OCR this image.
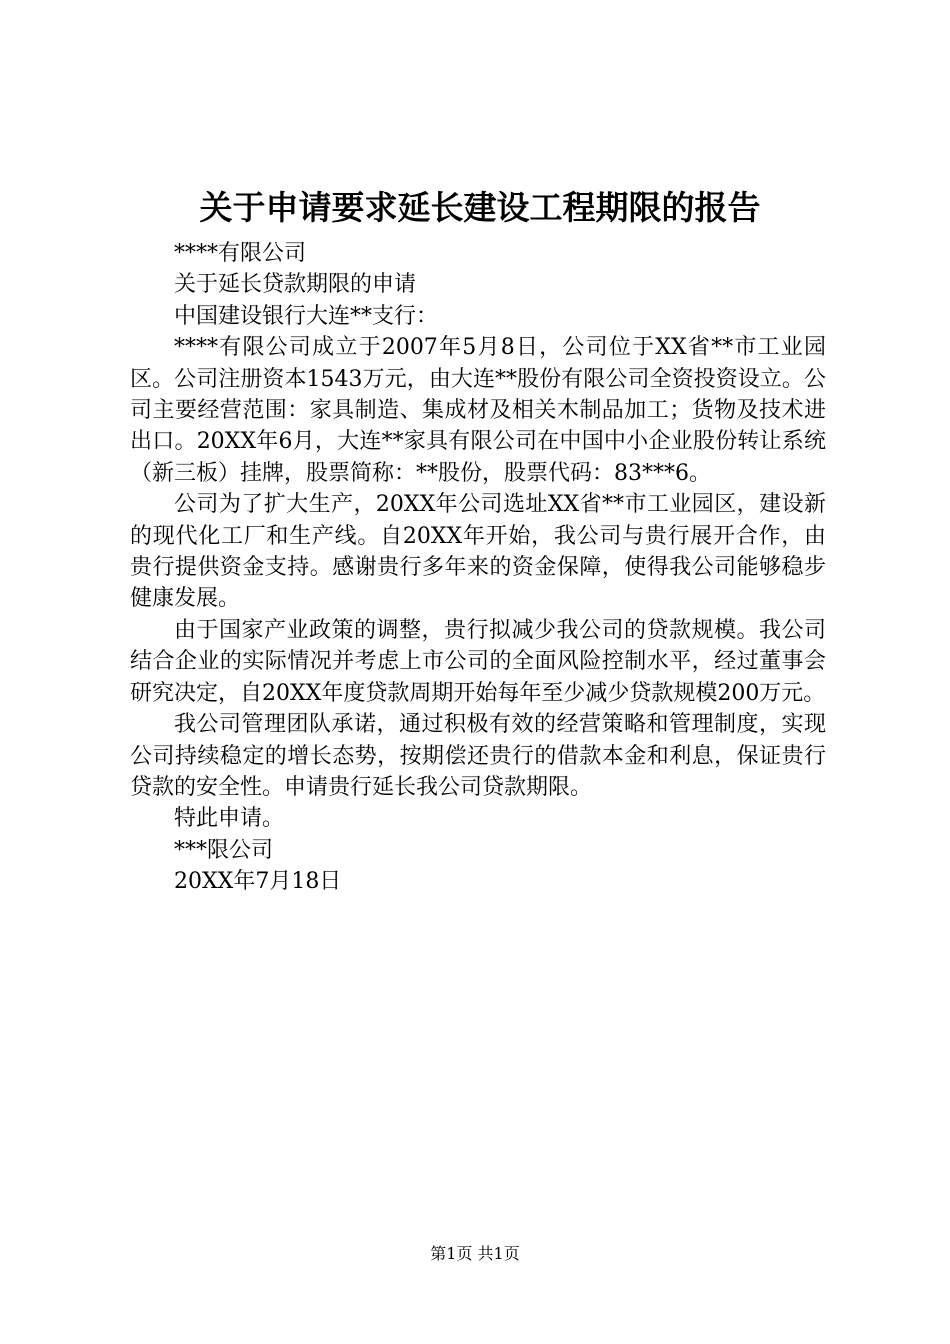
关于申请要求延长建设工程期限的报告

****有限公司

关于延长贷款期限的申请

中国建设银行大连**支行：

****有限公司成立于2007年5月8日，公司位于XX省**市工业园区。公司注册资本1543万元，由大连**股份有限公司全资投资设立。公司主要经营范围：家具制造、集成材及相关木制品加工；货物及技术进出口。20XX年6月，大连**家具有限公司在中国中小企业股份转让系统（新三板）挂牌，股票简称：**股份，股票代码：83***6。

公司为了扩大生产，20XX年公司选址XX省**市工业园区，建设新的现代化工厂和生产线。自20XX年开始，我公司与贵行展开合作，由贵行提供资金支持。感谢贵行多年来的资金保障，使得我公司能够稳步健康发展。

由于国家产业政策的调整，贵行拟减少我公司的贷款规模。我公司结合企业的实际情况并考虑上市公司的全面风险控制水平，经过董事会研究决定，自20XX年度贷款周期开始每年至少减少贷款规模200万元。

我公司管理团队承诺，通过积极有效的经营策略和管理制度，实现公司持续稳定的增长态势，按期偿还贵行的借款本金和利息，保证贵行贷款的安全性。申请贵行延长我公司贷款期限。

特此申请。

***限公司

20XX年7月18日

第1页 共1页
